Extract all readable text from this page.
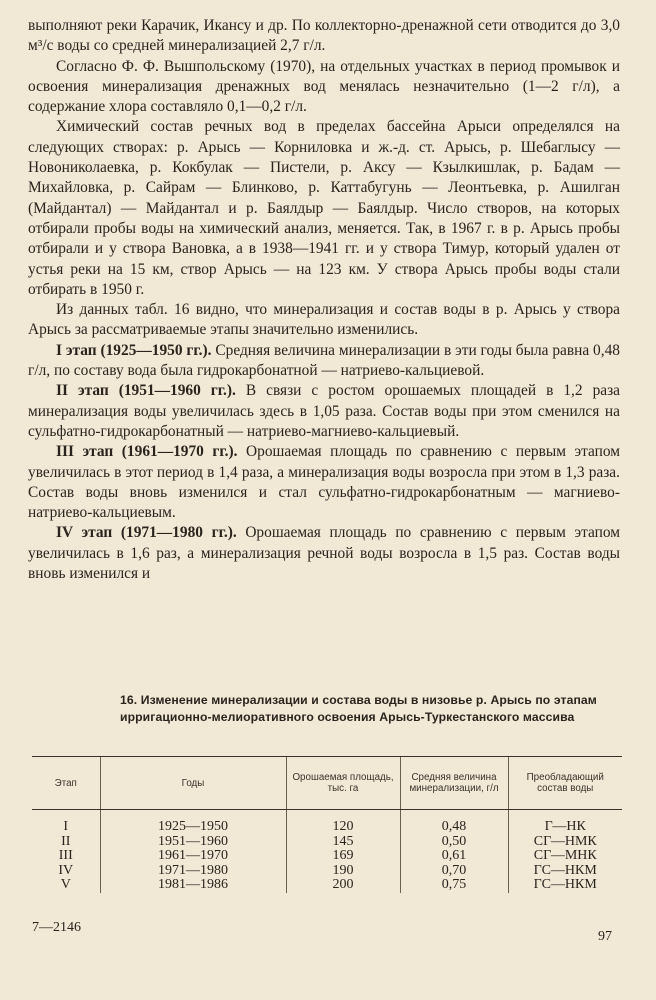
выполняют реки Карачик, Икансу и др. По коллекторно-дренажной сети отводится до 3,0 м³/с воды со средней минерализацией 2,7 г/л.

Согласно Ф. Ф. Вышпольскому (1970), на отдельных участках в период промывок и освоения минерализация дренажных вод менялась незначительно (1—2 г/л), а содержание хлора составляло 0,1—0,2 г/л.

Химический состав речных вод в пределах бассейна Арыси определялся на следующих створах: р. Арысь — Корниловка и ж.-д. ст. Арысь, р. Шебаглысу — Новониколаевка, р. Кокбулак — Пистели, р. Аксу — Кзылкишлак, р. Бадам — Михайловка, р. Сайрам — Блинково, р. Каттабугунь — Леонтьевка, р. Ашилган (Майдантал) — Майдантал и р. Баялдыр — Баялдыр. Число створов, на которых отбирали пробы воды на химический анализ, меняется. Так, в 1967 г. в р. Арысь пробы отбирали и у створа Вановка, а в 1938—1941 гг. и у створа Тимур, который удален от устья реки на 15 км, створ Арысь — на 123 км. У створа Арысь пробы воды стали отбирать в 1950 г.

Из данных табл. 16 видно, что минерализация и состав воды в р. Арысь у створа Арысь за рассматриваемые этапы значительно изменились.

I этап (1925—1950 гг.). Средняя величина минерализации в эти годы была равна 0,48 г/л, по составу вода была гидрокарбонатной — натриево-кальциевой.

II этап (1951—1960 гг.). В связи с ростом орошаемых площадей в 1,2 раза минерализация воды увеличилась здесь в 1,05 раза. Состав воды при этом сменился на сульфатно-гидрокарбонатный — натриево-магниево-кальциевый.

III этап (1961—1970 гг.). Орошаемая площадь по сравнению с первым этапом увеличилась в этот период в 1,4 раза, а минерализация воды возросла при этом в 1,3 раза. Состав воды вновь изменился и стал сульфатно-гидрокарбонатным — магниево-натриево-кальциевым.

IV этап (1971—1980 гг.). Орошаемая площадь по сравнению с первым этапом увеличилась в 1,6 раз, а минерализация речной воды возросла в 1,5 раз. Состав воды вновь изменился и

16. Изменение минерализации и состава воды в низовье р. Арысь по этапам ирригационно-мелиоративного освоения Арысь-Туркестанского массива

Этап	Годы	Орошаемая площадь, тыс. га	Средняя величина минерализации, г/л	Преобладающий состав воды
I	1925—1950	120	0,48	Г—НК
II	1951—1960	145	0,50	СГ—НМК
III	1961—1970	169	0,61	СГ—МНК
IV	1971—1980	190	0,70	ГС—НКМ
V	1981—1986	200	0,75	ГС—НКМ
7—2146
97
